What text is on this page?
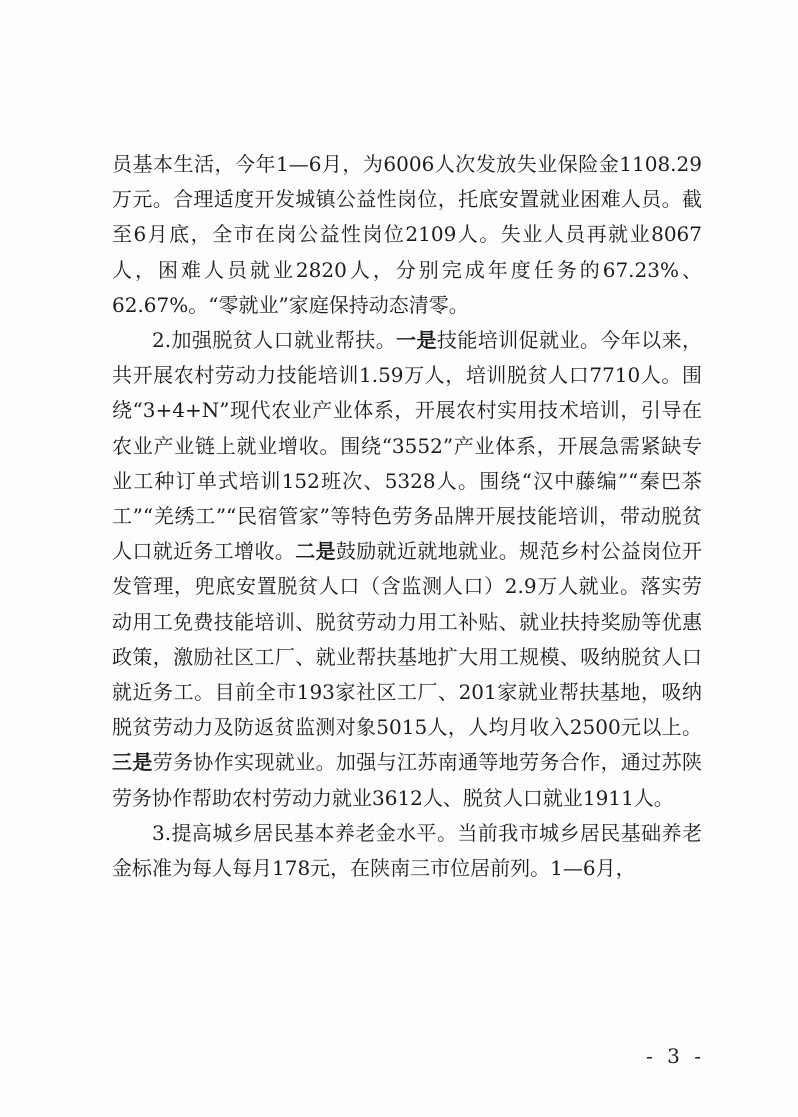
员基本生活，今年1—6月，为6006人次发放失业保险金1108.29万元。合理适度开发城镇公益性岗位，托底安置就业困难人员。截至6月底，全市在岗公益性岗位2109人。失业人员再就业8067人，困难人员就业2820人，分别完成年度任务的67.23%、62.67%。“零就业”家庭保持动态清零。

2.加强脱贫人口就业帮扶。一是技能培训促就业。今年以来，共开展农村劳动力技能培训1.59万人，培训脱贫人口7710人。围绕“3+4+N”现代农业产业体系，开展农村实用技术培训，引导在农业产业链上就业增收。围绕“3552”产业体系，开展急需紧缺专业工种订单式培训152班次、5328人。围绕“汉中藤编”“秦巴茶工”“羌绣工”“民宿管家”等特色劳务品牌开展技能培训，带动脱贫人口就近务工增收。二是鼓励就近就地就业。规范乡村公益岗位开发管理，兜底安置脱贫人口（含监测人口）2.9万人就业。落实劳动用工免费技能培训、脱贫劳动力用工补贴、就业扶持奖励等优惠政策，激励社区工厂、就业帮扶基地扩大用工规模、吸纳脱贫人口就近务工。目前全市193家社区工厂、201家就业帮扶基地，吸纳脱贫劳动力及防返贫监测对象5015人，人均月收入2500元以上。三是劳务协作实现就业。加强与江苏南通等地劳务合作，通过苏陕劳务协作帮助农村劳动力就业3612人、脱贫人口就业1911人。

3.提高城乡居民基本养老金水平。当前我市城乡居民基础养老金标准为每人每月178元，在陕南三市位居前列。1—6月，

- 3 -
